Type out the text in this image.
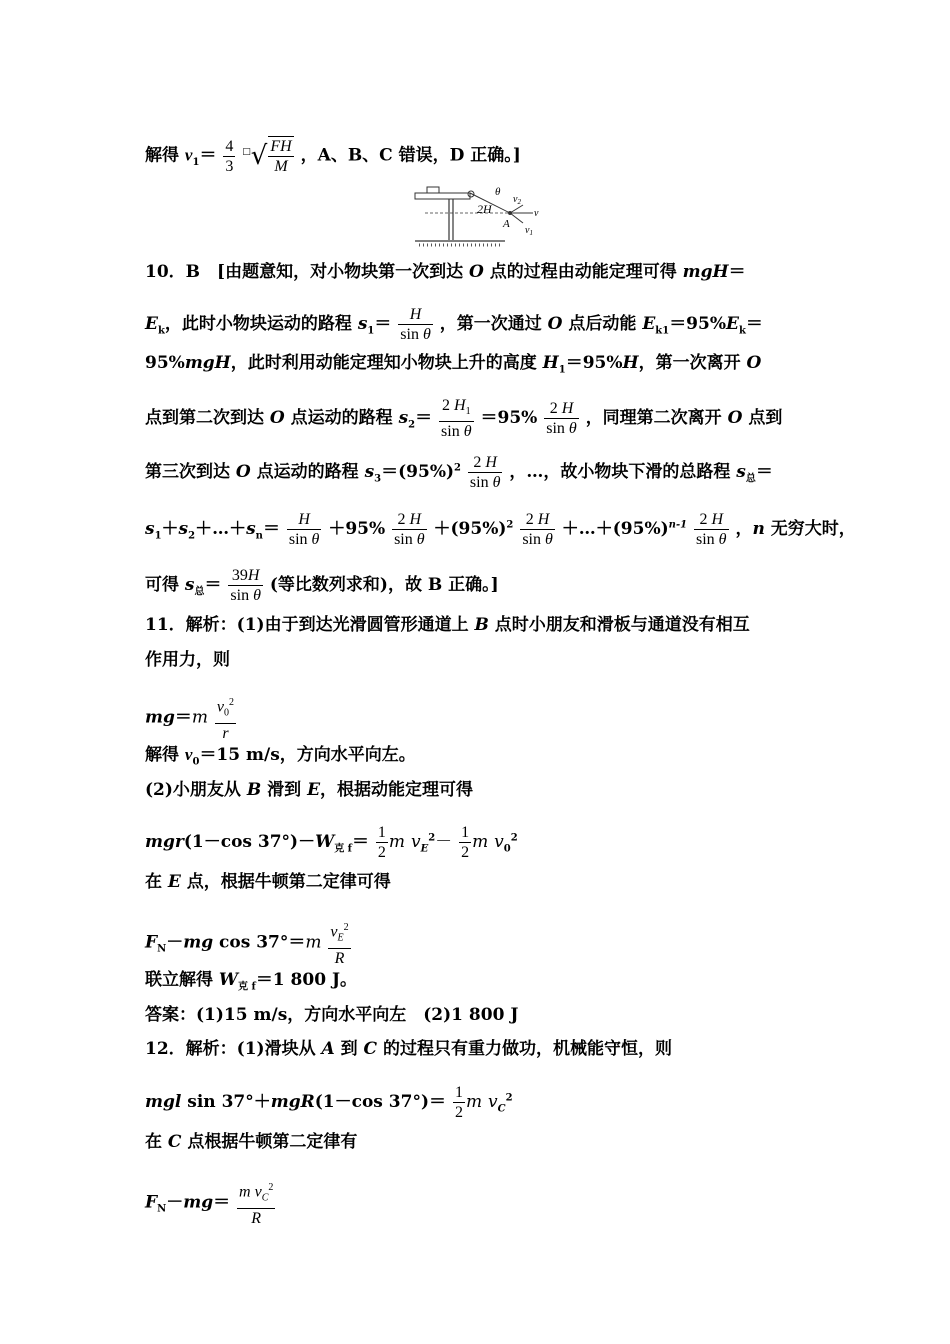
解得 $v_1= \frac{4}{3} ^□√ \frac{FH}{M}$ ，A、B、C 错误，D 正确。]
2H
θ
$v_2$
v
$v_1$
A
10．B　[由题意知，对小物块第一次到达 O 点的过程由动能定理可得 mgH＝
$E_k$，此时小物块运动的路程 $s_1= \frac{H}{\text{sin θ}}$ ，第一次通过 O 点后动能 $E_{k1}=95\%E_k=$
95%mgH，此时利用动能定理知小物块上升的高度 $H_1=95\%H$，第一次离开 O
点到第二次到达 O 点运动的路程 $s_2= \frac{2 H_1}{\text{sin θ}} =95\% \frac{2 H}{\text{sin θ}}$ ，同理第二次离开 O 点到
第三次到达 O 点运动的路程 $s_3=(95\%)^2 \frac{2 H}{\text{sin θ}}$ ，…，故小物块下滑的总路程 $s_总=$
$s_1+s_2+\dots+s_n= \frac{H}{\text{sin θ}} +95\% \frac{2 H}{\text{sin θ}} +(95\%)^2 \frac{2 H}{\text{sin θ}}$ $+\dots+(95\%)^{n-1} \frac{2 H}{\text{sin θ}}$ ，n 无穷大时，
可得 $s_总= \frac{39H}{\text{sin θ}}$ (等比数列求和)，故 B 正确。]
11．解析：(1)由于到达光滑圆管形通道上 B 点时小朋友和滑板与通道没有相互
作用力，则
$mg=m \frac{v_0^2}{r}$
解得 $v_0=15$ m/s，方向水平向左。
(2)小朋友从 B 滑到 E，根据动能定理可得
mgr(1－cos $37^\circ)-W_{克 f}= \frac{1}{2}$ m $v_E^2- \frac{1}{2}$ m $v_0^2$
在 E 点，根据牛顿第二定律可得
$F_N-mg$ $\cos 37^\circ=m \frac{v_E^2}{R}$
联立解得 $W_{克 f}=1$ 800 J。
答案：(1)15 m/s，方向水平向左　(2)1 800 J
12．解析：(1)滑块从 A 到 C 的过程只有重力做功，机械能守恒，则
mgl sin 37°＋mgR(1－cos $37^\circ)= \frac{1}{2}$ m $v_C^2$
在 C 点根据牛顿第二定律有
$F_N-mg= \frac{m v_C^2}{R}$
